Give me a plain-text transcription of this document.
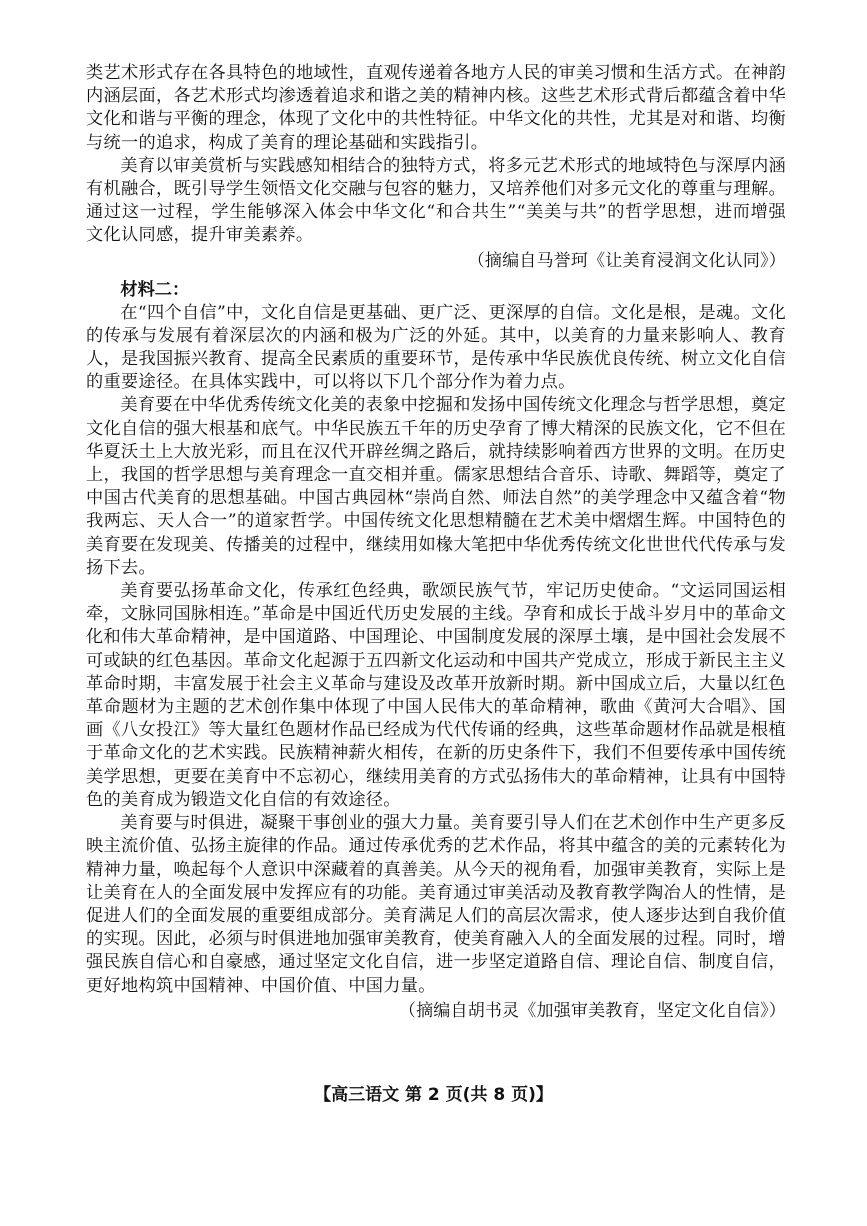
类艺术形式存在各具特色的地域性，直观传递着各地方人民的审美习惯和生活方式。在神韵内涵层面，各艺术形式均渗透着追求和谐之美的精神内核。这些艺术形式背后都蕴含着中华文化和谐与平衡的理念，体现了文化中的共性特征。中华文化的共性，尤其是对和谐、均衡与统一的追求，构成了美育的理论基础和实践指引。

美育以审美赏析与实践感知相结合的独特方式，将多元艺术形式的地域特色与深厚内涵有机融合，既引导学生领悟文化交融与包容的魅力，又培养他们对多元文化的尊重与理解。通过这一过程，学生能够深入体会中华文化“和合共生”“美美与共”的哲学思想，进而增强文化认同感，提升审美素养。

（摘编自马誉珂《让美育浸润文化认同》）

材料二：

在“四个自信”中，文化自信是更基础、更广泛、更深厚的自信。文化是根，是魂。文化的传承与发展有着深层次的内涵和极为广泛的外延。其中，以美育的力量来影响人、教育人，是我国振兴教育、提高全民素质的重要环节，是传承中华民族优良传统、树立文化自信的重要途径。在具体实践中，可以将以下几个部分作为着力点。

美育要在中华优秀传统文化美的表象中挖掘和发扬中国传统文化理念与哲学思想，奠定文化自信的强大根基和底气。中华民族五千年的历史孕育了博大精深的民族文化，它不但在华夏沃土上大放光彩，而且在汉代开辟丝绸之路后，就持续影响着西方世界的文明。在历史上，我国的哲学思想与美育理念一直交相并重。儒家思想结合音乐、诗歌、舞蹈等，奠定了中国古代美育的思想基础。中国古典园林“崇尚自然、师法自然”的美学理念中又蕴含着“物我两忘、天人合一”的道家哲学。中国传统文化思想精髓在艺术美中熠熠生辉。中国特色的美育要在发现美、传播美的过程中，继续用如椽大笔把中华优秀传统文化世世代代传承与发扬下去。

美育要弘扬革命文化，传承红色经典，歌颂民族气节，牢记历史使命。“文运同国运相牵，文脉同国脉相连。”革命是中国近代历史发展的主线。孕育和成长于战斗岁月中的革命文化和伟大革命精神，是中国道路、中国理论、中国制度发展的深厚土壤，是中国社会发展不可或缺的红色基因。革命文化起源于五四新文化运动和中国共产党成立，形成于新民主主义革命时期，丰富发展于社会主义革命与建设及改革开放新时期。新中国成立后，大量以红色革命题材为主题的艺术创作集中体现了中国人民伟大的革命精神，歌曲《黄河大合唱》、国画《八女投江》等大量红色题材作品已经成为代代传诵的经典，这些革命题材作品就是根植于革命文化的艺术实践。民族精神薪火相传，在新的历史条件下，我们不但要传承中国传统美学思想，更要在美育中不忘初心，继续用美育的方式弘扬伟大的革命精神，让具有中国特色的美育成为锻造文化自信的有效途径。

美育要与时俱进，凝聚干事创业的强大力量。美育要引导人们在艺术创作中生产更多反映主流价值、弘扬主旋律的作品。通过传承优秀的艺术作品，将其中蕴含的美的元素转化为精神力量，唤起每个人意识中深藏着的真善美。从今天的视角看，加强审美教育，实际上是让美育在人的全面发展中发挥应有的功能。美育通过审美活动及教育教学陶冶人的性情，是促进人们的全面发展的重要组成部分。美育满足人们的高层次需求，使人逐步达到自我价值的实现。因此，必须与时俱进地加强审美教育，使美育融入人的全面发展的过程。同时，增强民族自信心和自豪感，通过坚定文化自信，进一步坚定道路自信、理论自信、制度自信，更好地构筑中国精神、中国价值、中国力量。

（摘编自胡书灵《加强审美教育，坚定文化自信》）

【高三语文 第 2 页(共 8 页)】
